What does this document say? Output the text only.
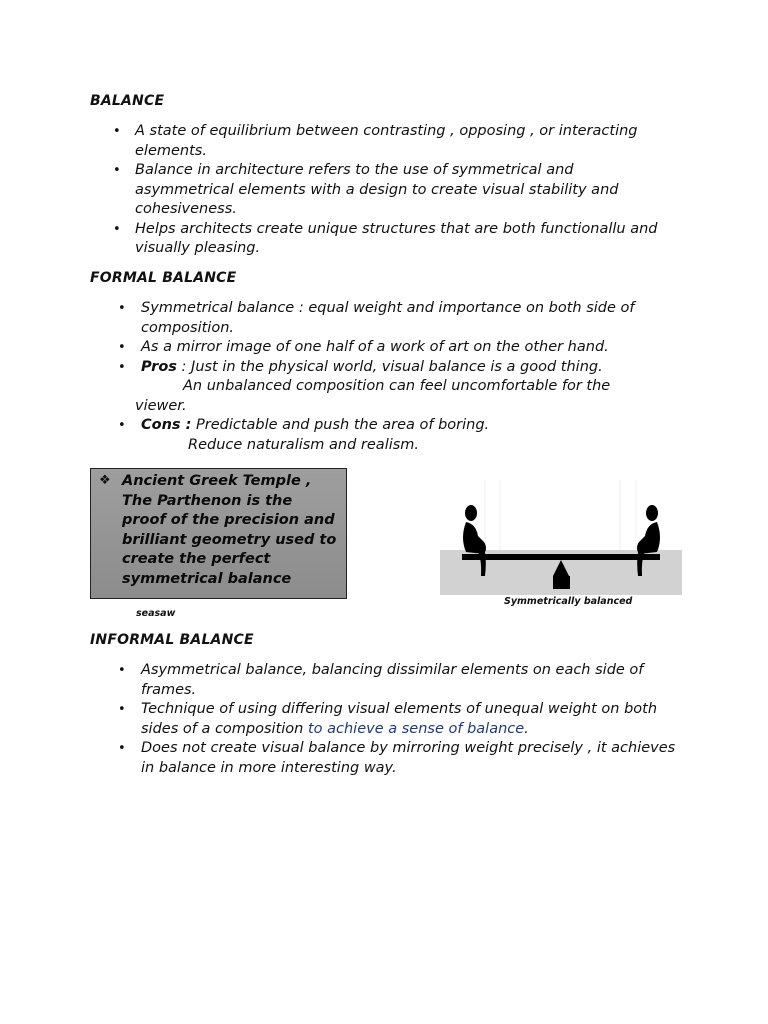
BALANCE
• A state of equilibrium between contrasting , opposing , or interacting elements.
• Balance in architecture refers to the use of symmetrical and asymmetrical elements with a design to create visual stability and cohesiveness.
• Helps architects create unique structures that are both functionallu and visually pleasing.
FORMAL BALANCE
• Symmetrical balance : equal weight and importance on both side of composition.
• As a mirror image of one half of a work of art on the other hand.
• Pros : Just in the physical world, visual balance is a good thing.
An unbalanced composition can feel uncomfortable for the
viewer.
• Cons : Predictable and push the area of boring.
Reduce naturalism and realism.
❖ Ancient Greek Temple , The Parthenon is the proof of the precision and brilliant geometry used to create the perfect symmetrical balance
seasaw
Symmetrically balanced
INFORMAL BALANCE
• Asymmetrical balance, balancing dissimilar elements on each side of frames.
• Technique of using differing visual elements of unequal weight on both sides of a composition to achieve a sense of balance.
• Does not create visual balance by mirroring weight precisely , it achieves in balance in more interesting way.
